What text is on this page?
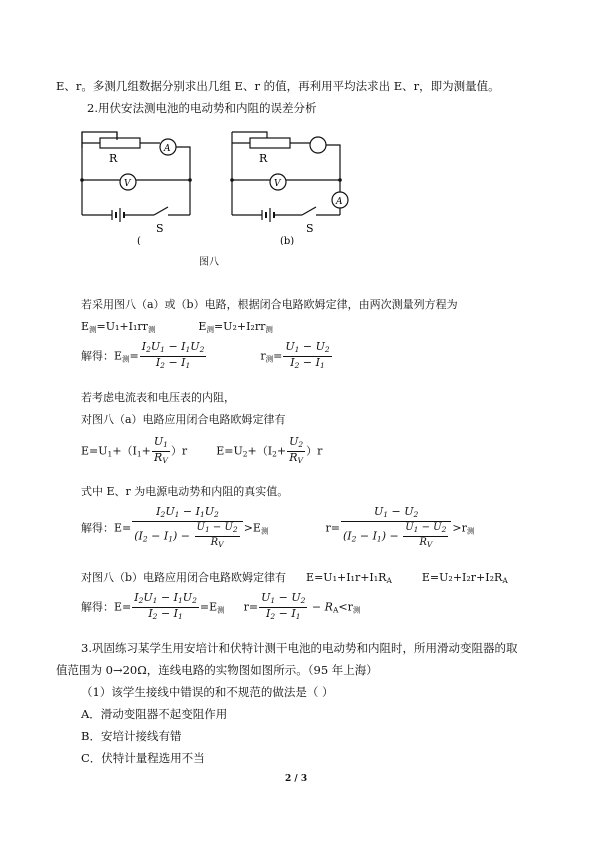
E、r。多测几组数据分别求出几组 E、r 的值，再利用平均法求出 E、r，即为测量值。
2.用伏安法测电池的电动势和内阻的误差分析
R
A
V
S
(
R
V
A
S
(b)
图八
若采用图八（a）或（b）电路，根据闭合电路欧姆定律，由两次测量列方程为
$E_测=U_1+I_1rr_测$	$E_测=U_2+I_2rr_测$
解得：$E_测= \frac{I_2U_1 - I_1U_2}{I_2 - I_1}$	$r_测= \frac{U_1 - U_2}{I_2 - I_1}$
若考虑电流表和电压表的内阻，
对图八（a）电路应用闭合电路欧姆定律有
$E=U_1+(I_1+ \frac{U_1}{R_V} )r$  $E=U_2+(I_2+ \frac{U_2}{R_V} )r$
式中 E、r 为电源电动势和内阻的真实值。
解得：$E= \frac{I_2U_1 - I_1U_2}{(I_2 - I_1) - \frac{U_1 - U_2}{R_V}} >E_测$	$r= \frac{U_1 - U_2}{(I_2 - I_1) - \frac{U_1 - U_2}{R_V}} >r_测$
对图八（b）电路应用闭合电路欧姆定律有 $E=U_1+I_1r+I_1R_A$	$E=U_2+I_2r+I_2R_A$
解得：$E= \frac{I_2U_1 - I_1U_2}{I_2 - I_1} =E_测$  $r= \frac{U_1 - U_2}{I_2 - I_1} - R_A<r_测$
3.巩固练习某学生用安培计和伏特计测干电池的电动势和内阻时，所用滑动变阻器的取
值范围为 0→20Ω，连线电路的实物图如图所示。（95 年上海）
（1）该学生接线中错误的和不规范的做法是（ ）
A．滑动变阻器不起变阻作用
B．安培计接线有错
C．伏特计量程选用不当
2 / 3
